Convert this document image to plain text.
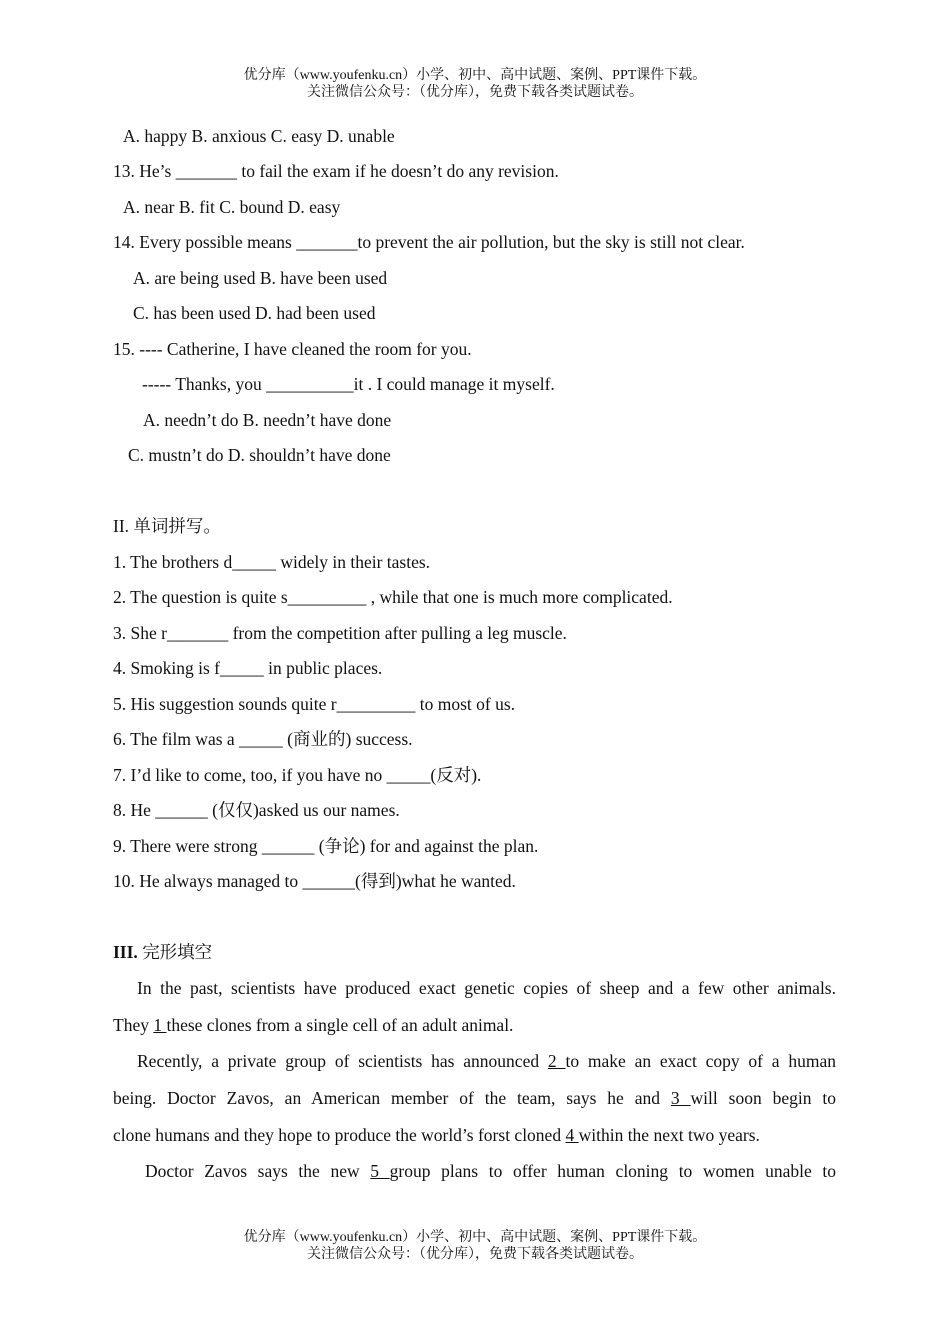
优分库（www.youfenku.cn）小学、初中、高中试题、案例、PPT课件下载。
关注微信公众号：（优分库），免费下载各类试题试卷。
A. happy B. anxious C. easy D. unable
13. He’s _______ to fail the exam if he doesn’t do any revision.
A. near B. fit C. bound D. easy
14. Every possible means _______to prevent the air pollution, but the sky is still not clear.
A. are being used B. have been used
C. has been used D. had been used
15. ---- Catherine, I have cleaned the room for you.
----- Thanks, you __________it . I could manage it myself.
A. needn’t do B. needn’t have done
C. mustn’t do D. shouldn’t have done
II. 单词拼写。
1. The brothers d_____ widely in their tastes.
2. The question is quite s_________ , while that one is much more complicated.
3. She r_______ from the competition after pulling a leg muscle.
4. Smoking is f_____ in public places.
5. His suggestion sounds quite r_________ to most of us.
6. The film was a _____ (商业的) success.
7. I’d like to come, too, if you have no _____(反对).
8. He ______ (仅仅)asked us our names.
9. There were strong ______ (争论) for and against the plan.
10. He always managed to ______(得到)what he wanted.
III. 完形填空
In the past, scientists have produced exact genetic copies of sheep and a few other animals.
They 1 these clones from a single cell of an adult animal.
Recently, a private group of scientists has announced 2 to make an exact copy of a human
being. Doctor Zavos, an American member of the team, says he and 3 will soon begin to
clone humans and they hope to produce the world’s forst cloned 4 within the next two years.
Doctor Zavos says the new 5 group plans to offer human cloning to women unable to
优分库（www.youfenku.cn）小学、初中、高中试题、案例、PPT课件下载。
关注微信公众号：（优分库），免费下载各类试题试卷。
